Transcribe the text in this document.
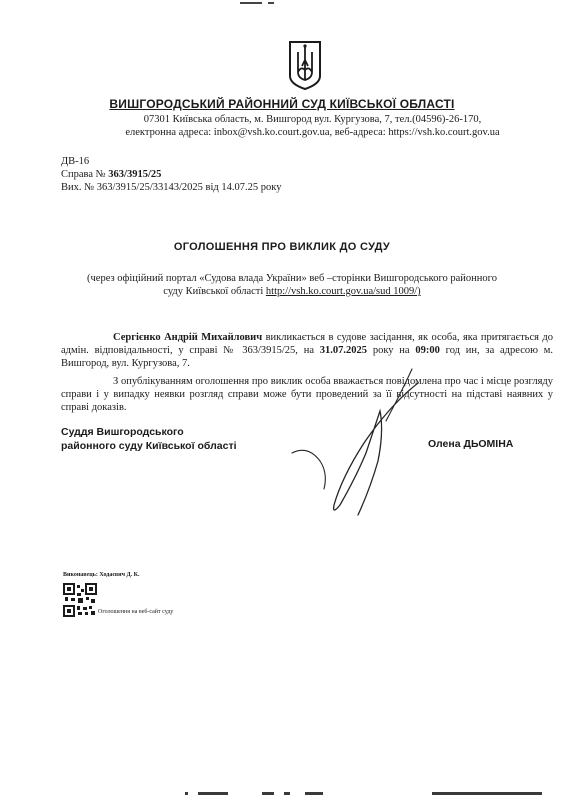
ВИШГОРОДСЬКИЙ РАЙОННИЙ СУД КИЇВСЬКОЇ ОБЛАСТІ
07301 Київська область, м. Вишгород вул. Кургузова, 7, тел.(04596)-26-170,
електронна адреса: inbox@vsh.ko.court.gov.ua, веб-адреса: https://vsh.ko.court.gov.ua
ДВ-16
Справа № 363/3915/25
Вих. № 363/3915/25/33143/2025 від 14.07.25 року
ОГОЛОШЕННЯ ПРО ВИКЛИК ДО СУДУ
(через офіційний портал «Судова влада України» веб –сторінки Вишгородського районного
суду Київської області http://vsh.ko.court.gov.ua/sud 1009/)

Сергієнко Андрій Михайлович викликається в судове засідання, як особа, яка притягається до адмін. відповідальності, у справі № 363/3915/25, на 31.07.2025 року на 09:00 год ин, за адресою м. Вишгород, вул. Кургузова, 7.

З опублікуванням оголошення про виклик особа вважається повідомлена про час і місце розгляду справи і у випадку неявки розгляд справи може бути проведений за її відсутності на підставі наявних у справі доказів.

Суддя Вишгородського
районного суду Київської області	Олена ДЬОМІНА
Виконавець: Ходаєвич Д. К.
Оголошення на веб-сайт суду
